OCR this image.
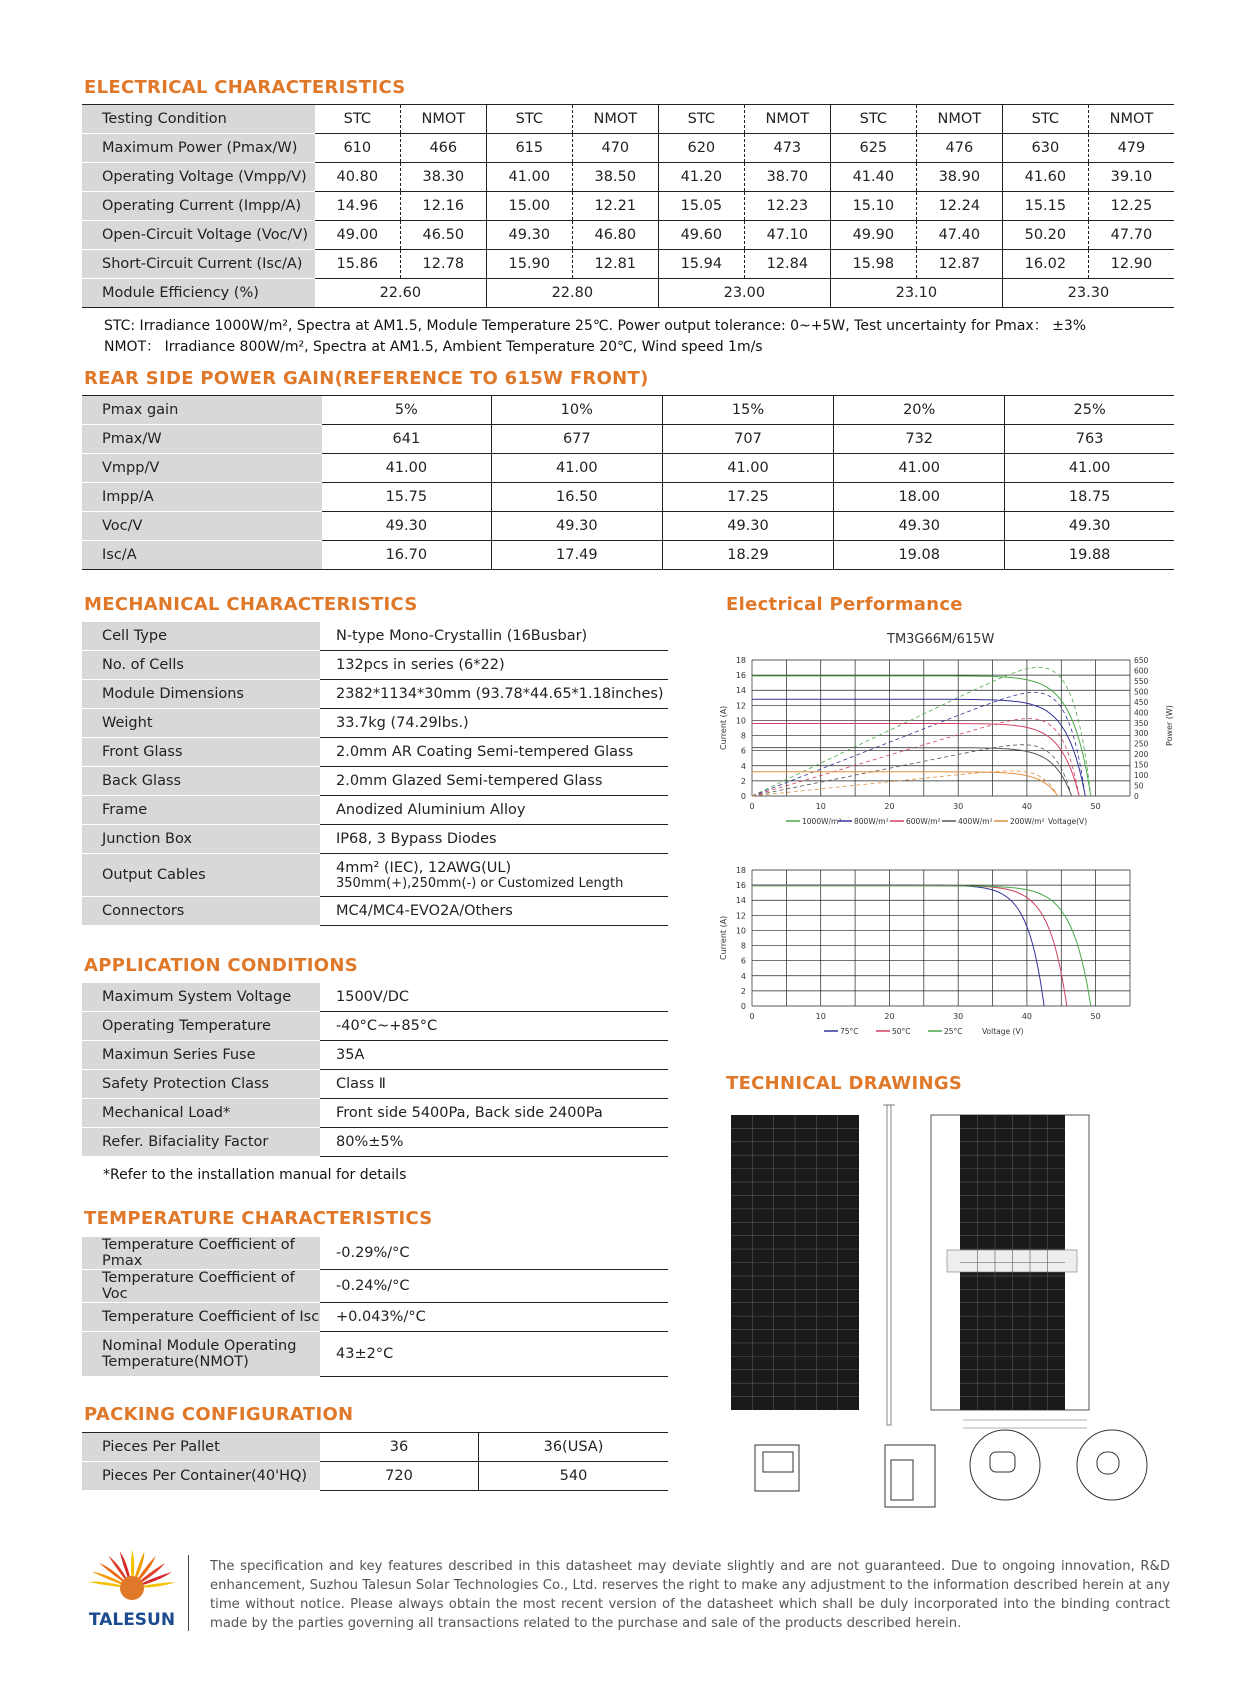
ELECTRICAL CHARACTERISTICS
Testing Condition	STC	NMOT	STC	NMOT	STC	NMOT	STC	NMOT	STC	NMOT
Maximum Power (Pmax/W)	610	466	615	470	620	473	625	476	630	479
Operating Voltage (Vmpp/V)	40.80	38.30	41.00	38.50	41.20	38.70	41.40	38.90	41.60	39.10
Operating Current (Impp/A)	14.96	12.16	15.00	12.21	15.05	12.23	15.10	12.24	15.15	12.25
Open-Circuit Voltage (Voc/V)	49.00	46.50	49.30	46.80	49.60	47.10	49.90	47.40	50.20	47.70
Short-Circuit Current (Isc/A)	15.86	12.78	15.90	12.81	15.94	12.84	15.98	12.87	16.02	12.90
Module Efficiency (%)	22.60		22.80		23.00		23.10		23.30	
STC: Irradiance 1000W/m², Spectra at AM1.5, Module Temperature 25℃. Power output tolerance: 0~+5W, Test uncertainty for Pmax： ±3%
NMOT： Irradiance 800W/m², Spectra at AM1.5, Ambient Temperature 20℃, Wind speed 1m/s
REAR SIDE POWER GAIN(REFERENCE TO 615W FRONT)
Pmax gain	5%	10%	15%	20%	25%
Pmax/W	641	677	707	732	763
Vmpp/V	41.00	41.00	41.00	41.00	41.00
Impp/A	15.75	16.50	17.25	18.00	18.75
Voc/V	49.30	49.30	49.30	49.30	49.30
Isc/A	16.70	17.49	18.29	19.08	19.88
MECHANICAL CHARACTERISTICS
Cell Type	N-type Mono-Crystallin (16Busbar)

No. of Cells	132pcs in series (6*22)

Module Dimensions	2382*1134*30mm (93.78*44.65*1.18inches)

Weight	33.7kg (74.29lbs.)

Front Glass	2.0mm AR Coating Semi-tempered Glass

Back Glass	2.0mm Glazed Semi-tempered Glass

Frame	Anodized Aluminium Alloy

Junction Box	IP68, 3 Bypass Diodes

Output Cables	4mm² (IEC), 12AWG(UL)
350mm(+),250mm(-) or Customized Length

Connectors	MC4/MC4-EVO2A/Others
APPLICATION CONDITIONS
Maximum System Voltage	1500V/DC

Operating Temperature	-40°C~+85°C

Maximun Series Fuse	35A

Safety Protection Class	Class Ⅱ

Mechanical Load*	Front side 5400Pa, Back side 2400Pa

Refer. Bifaciality Factor	80%±5%
*Refer to the installation manual for details
TEMPERATURE CHARACTERISTICS
Temperature Coefficient of Pmax	-0.29%/°C

Temperature Coefficient of Voc	-0.24%/°C

Temperature Coefficient of Isc	+0.043%/°C

Nominal Module Operating
Temperature(NMOT)	43±2°C
PACKING CONFIGURATION
Pieces Per Pallet	36	36(USA)
Pieces Per Container(40'HQ)	720	540
Electrical Performance
TM3G66M/615W
0
2
4
6
8
10
12
14
16
18
0	10	20	30	40	50
0
50
100
150
200
250
300
350
400
450
500
550
600
650
Power (W)
Current (A)
1000W/m² 800W/m² 600W/m² 400W/m² 200W/m² Voltage(V)
0
2
4
6
8
10
12
14
16
18
0	10	20	30	40	50
Current (A)
75°C	50°C	25°C	Voltage (V)
TECHNICAL DRAWINGS
TALESUN
The specification and key features described in this datasheet may deviate slightly and are not guaranteed. Due to ongoing innovation, R&D enhancement, Suzhou Talesun Solar Technologies Co., Ltd. reserves the right to make any adjustment to the information described herein at any time without notice. Please always obtain the most recent version of the datasheet which shall be duly incorporated into the binding contract made by the parties governing all transactions related to the purchase and sale of the products described herein.
